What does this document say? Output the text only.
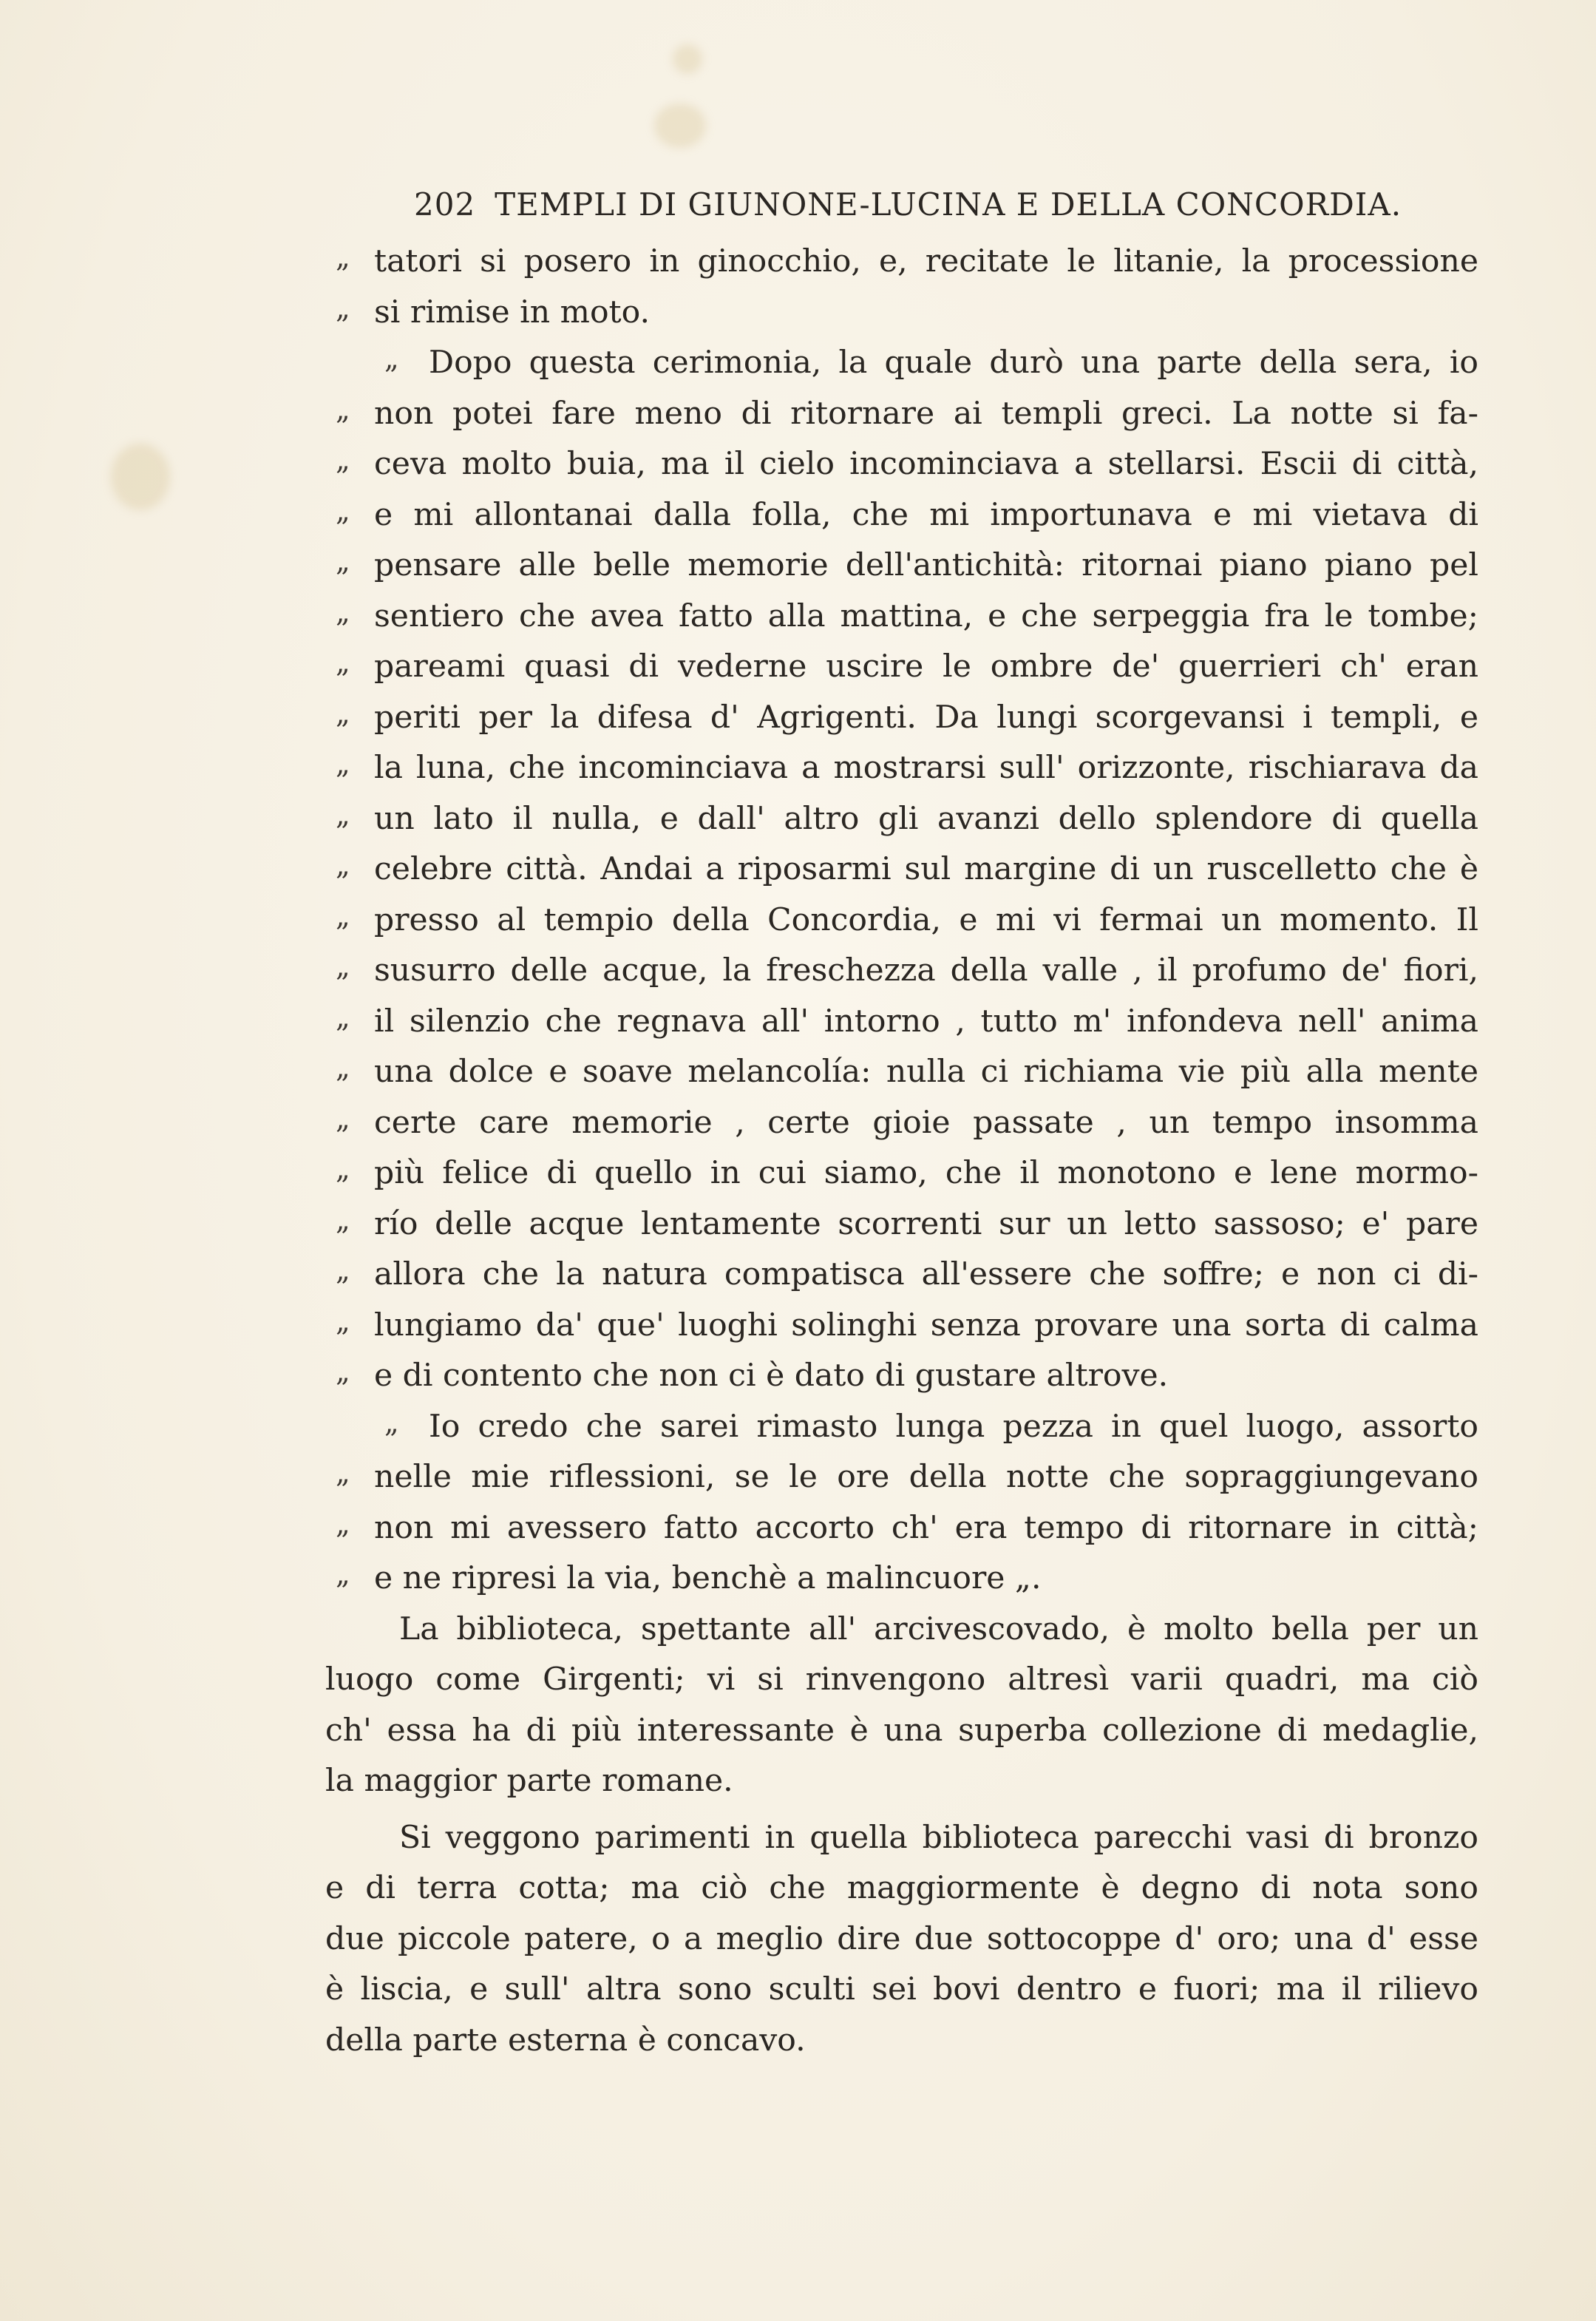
202 TEMPLI DI GIUNONE-LUCINA E DELLA CONCORDIA.
„ tatori si posero in ginocchio, e, recitate le litanie, la processione
„ si rimise in moto.
„ Dopo questa cerimonia, la quale durò una parte della sera, io
„ non potei fare meno di ritornare ai templi greci. La notte si fa-
„ ceva molto buia, ma il cielo incominciava a stellarsi. Escii di città,
„ e mi allontanai dalla folla, che mi importunava e mi vietava di
„ pensare alle belle memorie dell'antichità: ritornai piano piano pel
„ sentiero che avea fatto alla mattina, e che serpeggia fra le tombe;
„ pareami quasi di vederne uscire le ombre de' guerrieri ch' eran
„ periti per la difesa d' Agrigenti. Da lungi scorgevansi i templi, e
„ la luna, che incominciava a mostrarsi sull' orizzonte, rischiarava da
„ un lato il nulla, e dall' altro gli avanzi dello splendore di quella
„ celebre città. Andai a riposarmi sul margine di un ruscelletto che è
„ presso al tempio della Concordia, e mi vi fermai un momento. Il
„ susurro delle acque, la freschezza della valle , il profumo de' fiori,
„ il silenzio che regnava all' intorno , tutto m' infondeva nell' anima
„ una dolce e soave melancolía: nulla ci richiama vie più alla mente
„ certe care memorie , certe gioie passate , un tempo insomma
„ più felice di quello in cui siamo, che il monotono e lene mormo-
„ río delle acque lentamente scorrenti sur un letto sassoso; e' pare
„ allora che la natura compatisca all'essere che soffre; e non ci di-
„ lungiamo da' que' luoghi solinghi senza provare una sorta di calma
„ e di contento che non ci è dato di gustare altrove.
„ Io credo che sarei rimasto lunga pezza in quel luogo, assorto
„ nelle mie riflessioni, se le ore della notte che sopraggiungevano
„ non mi avessero fatto accorto ch' era tempo di ritornare in città;
„ e ne ripresi la via, benchè a malincuore „.
La biblioteca, spettante all' arcivescovado, è molto bella per un
luogo come Girgenti; vi si rinvengono altresì varii quadri, ma ciò
ch' essa ha di più interessante è una superba collezione di medaglie,
la maggior parte romane.
Si veggono parimenti in quella biblioteca parecchi vasi di bronzo
e di terra cotta; ma ciò che maggiormente è degno di nota sono
due piccole patere, o a meglio dire due sottocoppe d' oro; una d' esse
è liscia, e sull' altra sono sculti sei bovi dentro e fuori; ma il rilievo
della parte esterna è concavo.
